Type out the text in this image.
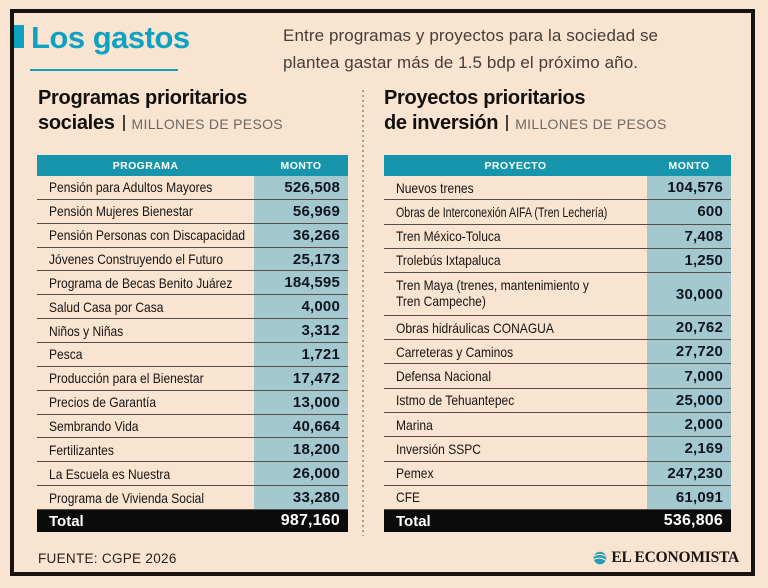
Los gastos	Entre programas y proyectos para la sociedad se
plantea gastar más de 1.5 bdp el próximo año.
Programas prioritarios
sociales MILLONES DE PESOS
Proyectos prioritarios
de inversión MILLONES DE PESOS
PROGRAMA	MONTO
Pensión para Adultos Mayores	526,508
Pensión Mujeres Bienestar	56,969
Pensión Personas con Discapacidad	36,266
Jóvenes Construyendo el Futuro	25,173
Programa de Becas Benito Juárez	184,595
Salud Casa por Casa	4,000
Niños y Niñas	3,312
Pesca	1,721
Producción para el Bienestar	17,472
Precios de Garantía	13,000
Sembrando Vida	40,664
Fertilizantes	18,200
La Escuela es Nuestra	26,000
Programa de Vivienda Social	33,280
Total	987,160
PROYECTO	MONTO
Nuevos trenes	104,576
Obras de Interconexión AIFA (Tren Lechería)	600
Tren México-Toluca	7,408
Trolebús Ixtapaluca	1,250
Tren Maya (trenes, mantenimiento y Tren Campeche)	30,000
Obras hidráulicas CONAGUA	20,762
Carreteras y Caminos	27,720
Defensa Nacional	7,000
Istmo de Tehuantepec	25,000
Marina	2,000
Inversión SSPC	2,169
Pemex	247,230
CFE	61,091
Total	536,806
FUENTE: CGPE 2026	EL ECONOMISTA
